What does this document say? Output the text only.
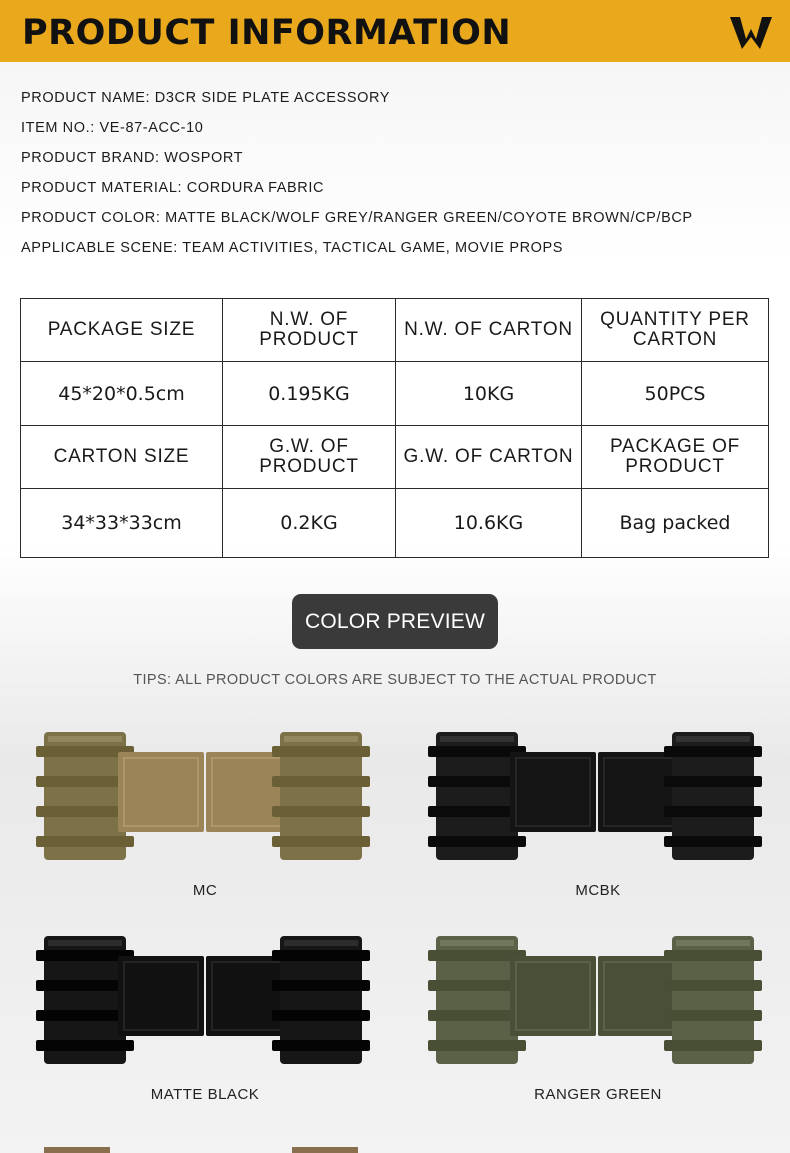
PRODUCT INFORMATION
PRODUCT NAME: D3CR SIDE PLATE ACCESSORY
ITEM NO.: VE-87-ACC-10
PRODUCT BRAND: WOSPORT
PRODUCT MATERIAL: CORDURA FABRIC
PRODUCT COLOR: MATTE BLACK/WOLF GREY/RANGER GREEN/COYOTE BROWN/CP/BCP
APPLICABLE SCENE: TEAM ACTIVITIES, TACTICAL GAME, MOVIE PROPS
PACKAGE SIZE	N.W. OF PRODUCT	N.W. OF CARTON	QUANTITY PER CARTON
45*20*0.5cm	0.195KG	10KG	50PCS
CARTON SIZE	G.W. OF PRODUCT	G.W. OF CARTON	PACKAGE OF PRODUCT
34*33*33cm	0.2KG	10.6KG	Bag packed
COLOR PREVIEW
TIPS: ALL PRODUCT COLORS ARE SUBJECT TO THE ACTUAL PRODUCT
MC	MCBK
MATTE BLACK	RANGER GREEN
